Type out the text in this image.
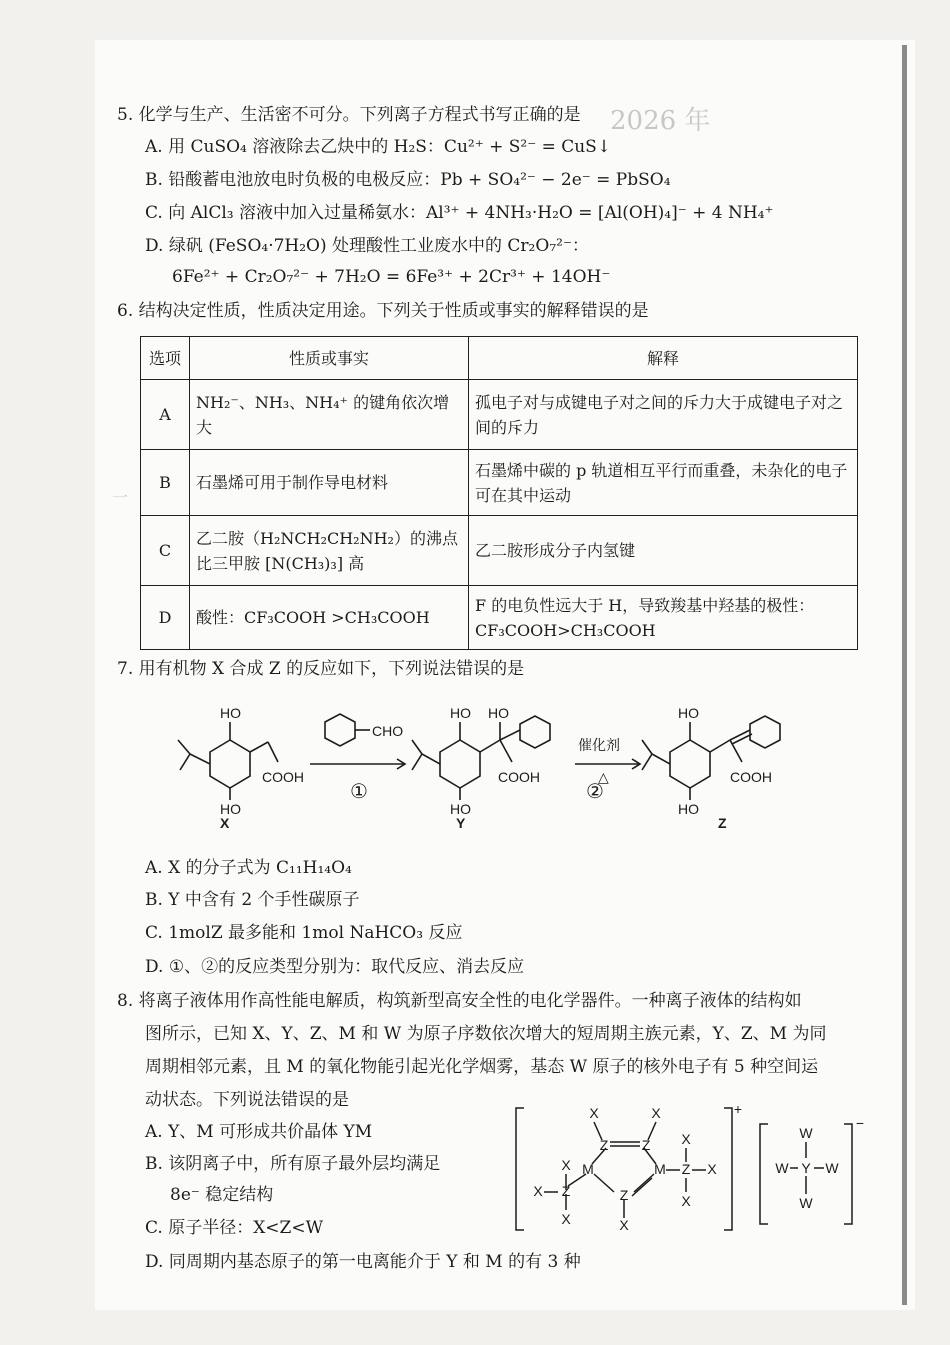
2026 年
一
5. 化学与生产、生活密不可分。下列离子方程式书写正确的是
A. 用 CuSO₄ 溶液除去乙炔中的 H₂S：Cu²⁺ + S²⁻ = CuS↓
B. 铅酸蓄电池放电时负极的电极反应：Pb + SO₄²⁻ − 2e⁻ = PbSO₄
C. 向 AlCl₃ 溶液中加入过量稀氨水：Al³⁺ + 4NH₃·H₂O = [Al(OH)₄]⁻ + 4 NH₄⁺
D. 绿矾 (FeSO₄·7H₂O) 处理酸性工业废水中的 Cr₂O₇²⁻：
6Fe²⁺ + Cr₂O₇²⁻ + 7H₂O = 6Fe³⁺ + 2Cr³⁺ + 14OH⁻
6. 结构决定性质，性质决定用途。下列关于性质或事实的解释错误的是
选项	性质或事实	解释
A	NH₂⁻、NH₃、NH₄⁺ 的键角依次增大	孤电子对与成键电子对之间的斥力大于成键电子对之间的斥力
B	石墨烯可用于制作导电材料	石墨烯中碳的 p 轨道相互平行而重叠，未杂化的电子可在其中运动
C	乙二胺（H₂NCH₂CH₂NH₂）的沸点比三甲胺 [N(CH₃)₃] 高	乙二胺形成分子内氢键
D	酸性：CF₃COOH >CH₃COOH	F 的电负性远大于 H，导致羧基中羟基的极性：CF₃COOH>CH₃COOH
7. 用有机物 X 合成 Z 的反应如下，下列说法错误的是
HO
HO
COOH
CHO
HO HO
HO
COOH
HO
HO
COOH
催化剂
△
①	②
X	Y	Z
A. X 的分子式为 C₁₁H₁₄O₄
B. Y 中含有 2 个手性碳原子
C. 1molZ 最多能和 1mol NaHCO₃ 反应
D. ①、②的反应类型分别为：取代反应、消去反应
8. 将离子液体用作高性能电解质，构筑新型高安全性的电化学器件。一种离子液体的结构如
图所示，已知 X、Y、Z、M 和 W 为原子序数依次增大的短周期主族元素，Y、Z、M 为同
周期相邻元素，且 M 的氧化物能引起光化学烟雾，基态 W 原子的核外电子有 5 种空间运
动状态。下列说法错误的是
A. Y、M 可形成共价晶体 YM
B. 该阴离子中，所有原子最外层均满足
8e⁻ 稳定结构
C. 原子半径：X<Z<W
D. 同周期内基态原子的第一电离能介于 Y 和 M 的有 3 种
X	X
Z Z
M	M Z
X
X
X
Z
X
Z
X
X
X
+
W
Y
W
W	W
−
